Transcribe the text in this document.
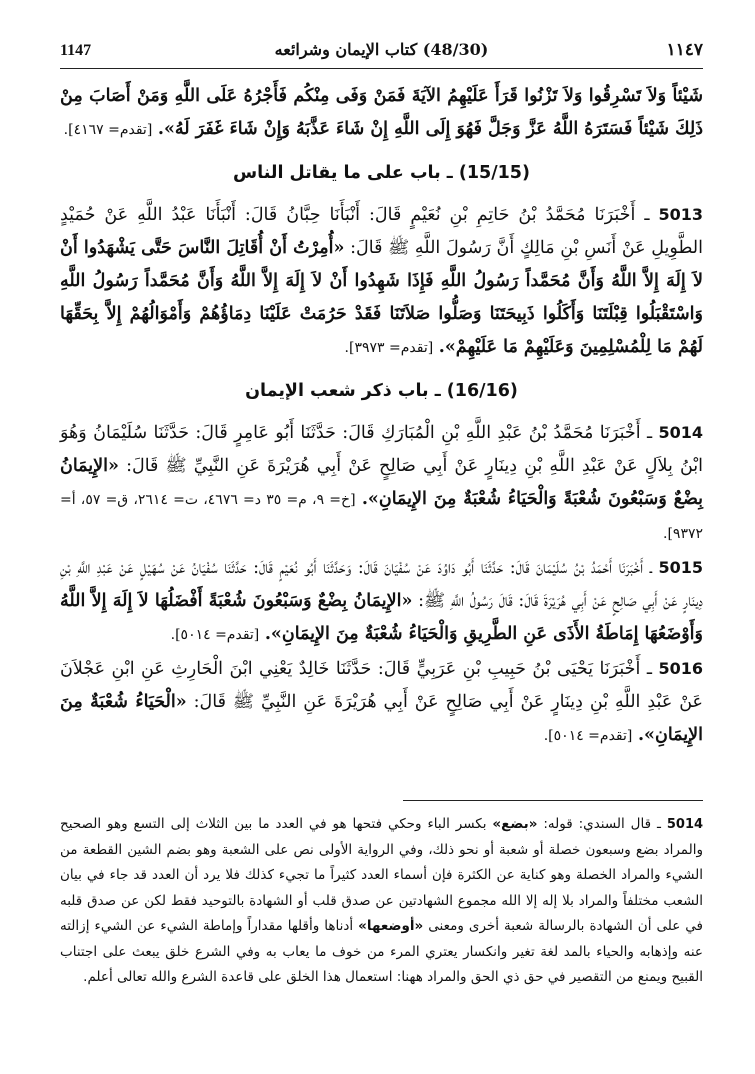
١١٤٧
(48/30) كتاب الإيمان وشرائعه
1147

شَيْئاً وَلاَ تَسْرِقُوا وَلاَ تَزْنُوا قَرَأَ عَلَيْهِمُ الآيَةَ فَمَنْ وَفَى مِنْكُم فَأَجْرُهُ عَلَى اللَّهِ وَمَنْ أَصَابَ مِنْ ذَلِكَ شَيْئاً فَسَتَرَهُ اللَّهُ عَزَّ وَجَلَّ فَهُوَ إِلَى اللَّهِ إِنْ شَاءَ عَذَّبَهُ وَإِنْ شَاءَ غَفَرَ لَهُ». [تقدم= ٤١٦٧].

(15/15) ـ باب على ما يقاتل الناس

5013 ـ أَخْبَرَنَا مُحَمَّدُ بْنُ حَاتِمِ بْنِ نُعَيْمٍ قَالَ: أَنْبَأَنَا حِبَّانُ قَالَ: أَنْبَأَنَا عَبْدُ اللَّهِ عَنْ حُمَيْدٍ الطَّوِيلِ عَنْ أَنَسِ بْنِ مَالِكٍ أَنَّ رَسُولَ اللَّهِ ﷺ قَالَ: «أُمِرْتُ أَنْ أُقَاتِلَ النَّاسَ حَتَّى يَشْهَدُوا أَنْ لاَ إِلَهَ إِلاَّ اللَّهُ وَأَنَّ مُحَمَّداً رَسُولُ اللَّهِ فَإِذَا شَهِدُوا أَنْ لاَ إِلَهَ إِلاَّ اللَّهُ وَأَنَّ مُحَمَّداً رَسُولُ اللَّهِ وَاسْتَقْبَلُوا قِبْلَتَنَا وَأَكَلُوا ذَبِيحَتَنَا وَصَلُّوا صَلاَتَنَا فَقَدْ حَرُمَتْ عَلَيْنَا دِمَاؤُهُمْ وَأَمْوَالُهُمْ إِلاَّ بِحَقِّهَا لَهُمْ مَا لِلْمُسْلِمِينَ وَعَلَيْهِمْ مَا عَلَيْهِمْ». [تقدم= ٣٩٧٣].

(16/16) ـ باب ذكر شعب الإيمان

5014 ـ أَخْبَرَنَا مُحَمَّدُ بْنُ عَبْدِ اللَّهِ بْنِ الْمُبَارَكِ قَالَ: حَدَّثَنَا أَبُو عَامِرٍ قَالَ: حَدَّثَنَا سُلَيْمَانُ وَهُوَ ابْنُ بِلاَلٍ عَنْ عَبْدِ اللَّهِ بْنِ دِينَارٍ عَنْ أَبِي صَالِحٍ عَنْ أَبِي هُرَيْرَةَ عَنِ النَّبِيِّ ﷺ قَالَ: «الإِيمَانُ بِضْعٌ وَسَبْعُونَ شُعْبَةً وَالْحَيَاءُ شُعْبَةٌ مِنَ الإِيمَانِ». [خ= ٩، م= ٣٥ د= ٤٦٧٦، ت= ٢٦١٤، ق= ٥٧، أ= ٩٣٧٢].

5015 ـ أَخْبَرَنَا أَحْمَدُ بْنُ سُلَيْمَانَ قَالَ: حَدَّثَنَا أَبُو دَاوُدَ عَنْ سُفْيَانَ قَالَ: وَحَدَّثَنَا أَبُو نُعَيْمٍ قَالَ: حَدَّثَنَا سُفْيَانُ عَنْ سُهَيْلٍ عَنْ عَبْدِ اللَّهِ بْنِ دِينَارٍ عَنْ أَبِي صَالِحٍ عَنْ أَبِي هُرَيْرَةَ قَالَ: قَالَ رَسُولُ اللَّهِ ﷺ: «الإِيمَانُ بِضْعٌ وَسَبْعُونَ شُعْبَةً أَفْضَلُهَا لاَ إِلَهَ إِلاَّ اللَّهُ وَأَوْضَعُهَا إِمَاطَةُ الأَذَى عَنِ الطَّرِيقِ وَالْحَيَاءُ شُعْبَةٌ مِنَ الإِيمَانِ». [تقدم= ٥٠١٤].

5016 ـ أَخْبَرَنَا يَحْيَى بْنُ حَبِيبِ بْنِ عَرَبِيٍّ قَالَ: حَدَّثَنَا خَالِدٌ يَعْنِي ابْنَ الْحَارِثِ عَنِ ابْنِ عَجْلاَنَ عَنْ عَبْدِ اللَّهِ بْنِ دِينَارٍ عَنْ أَبِي صَالِحٍ عَنْ أَبِي هُرَيْرَةَ عَنِ النَّبِيِّ ﷺ قَالَ: «الْحَيَاءُ شُعْبَةٌ مِنَ الإِيمَانِ». [تقدم= ٥٠١٤].

5014 ـ قال السندي: قوله: «بضع» بكسر الباء وحكي فتحها هو في العدد ما بين الثلاث إلى التسع وهو الصحيح والمراد بضع وسبعون خصلة أو شعبة أو نحو ذلك، وفي الرواية الأولى نص على الشعبة وهو بضم الشين القطعة من الشيء والمراد الخصلة وهو كناية عن الكثرة فإن أسماء العدد كثيراً ما تجيء كذلك فلا يرد أن العدد قد جاء في بيان الشعب مختلفاً والمراد بلا إله إلا الله مجموع الشهادتين عن صدق قلب أو الشهادة بالتوحيد فقط لكن عن صدق قلبه في على أن الشهادة بالرسالة شعبة أخرى ومعنى «أوضعها» أدناها وأقلها مقداراً وإماطة الشيء عن الشيء إزالته عنه وإذهابه والحياء بالمد لغة تغير وانكسار يعتري المرء من خوف ما يعاب به وفي الشرع خلق يبعث على اجتناب القبيح ويمنع من التقصير في حق ذي الحق والمراد ههنا: استعمال هذا الخلق على قاعدة الشرع والله تعالى أعلم.
